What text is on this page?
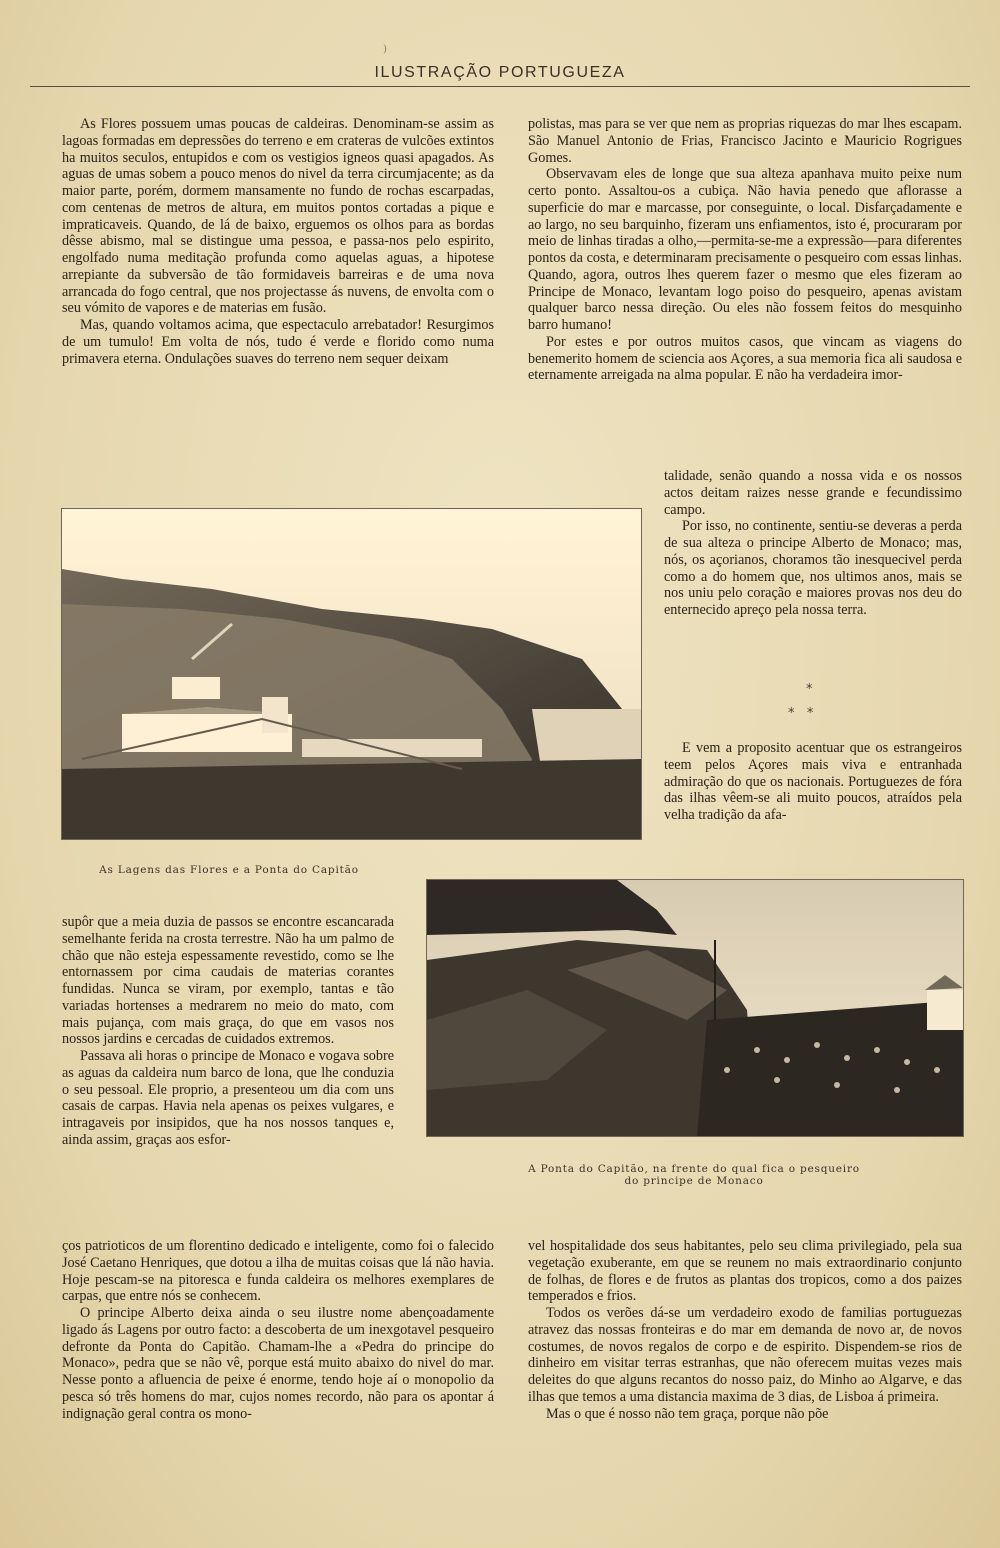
)
ILUSTRAÇÃO PORTUGUEZA

As Flores possuem umas poucas de caldeiras. Denominam-se assim as lagoas formadas em depressões do terreno e em crateras de vulcões extintos ha muitos seculos, entupidos e com os vestigios igneos quasi apagados. As aguas de umas sobem a pouco menos do nivel da terra circumjacente; as da maior parte, porém, dormem mansamente no fundo de rochas escarpadas, com centenas de metros de altura, em muitos pontos cortadas a pique e impraticaveis. Quando, de lá de baixo, erguemos os olhos para as bordas dêsse abismo, mal se distingue uma pessoa, e passa-nos pelo espirito, engolfado numa meditação profunda como aquelas aguas, a hipotese arrepiante da subversão de tão formidaveis barreiras e de uma nova arrancada do fogo central, que nos projectasse ás nuvens, de envolta com o seu vómito de vapores e de materias em fusão.

Mas, quando voltamos acima, que espectaculo arrebatador! Resurgimos de um tumulo! Em volta de nós, tudo é verde e florido como numa primavera eterna. Ondulações suaves do terreno nem sequer deixam

polistas, mas para se ver que nem as proprias riquezas do mar lhes escapam. São Manuel Antonio de Frias, Francisco Jacinto e Mauricio Rogrigues Gomes.

Observavam eles de longe que sua alteza apanhava muito peixe num certo ponto. Assaltou-os a cubiça. Não havia penedo que aflorasse a superficie do mar e marcasse, por conseguinte, o local. Disfarçadamente e ao largo, no seu barquinho, fizeram uns enfiamentos, isto é, procuraram por meio de linhas tiradas a olho,—permita-se-me a expressão—para diferentes pontos da costa, e determinaram precisamente o pesqueiro com essas linhas. Quando, agora, outros lhes querem fazer o mesmo que eles fizeram ao Principe de Monaco, levantam logo poiso do pesqueiro, apenas avistam qualquer barco nessa direção. Ou eles não fossem feitos do mesquinho barro humano!

Por estes e por outros muitos casos, que vincam as viagens do benemerito homem de sciencia aos Açores, a sua memoria fica ali saudosa e eternamente arreigada na alma popular. E não ha verdadeira imor-

talidade, senão quando a nossa vida e os nossos actos deitam raizes nesse grande e fecundissimo campo.

Por isso, no continente, sentiu-se deveras a perda de sua alteza o principe Alberto de Monaco; mas, nós, os açorianos, choramos tão inesquecivel perda como a do homem que, nos ultimos anos, mais se nos uniu pelo coração e maiores provas nos deu do enternecido apreço pela nossa terra.

*
*   *

E vem a proposito acentuar que os estrangeiros teem pelos Açores mais viva e entranhada admiração do que os nacionais. Portuguezes de fóra das ilhas vêem-se ali muito poucos, atraídos pela velha tradição da afa-

As Lagens das Flores e a Ponta do Capitão

supôr que a meia duzia de passos se encontre escancarada semelhante ferida na crosta terrestre. Não ha um palmo de chão que não esteja espessamente revestido, como se lhe entornassem por cima caudais de materias corantes fundidas. Nunca se viram, por exemplo, tantas e tão variadas hortenses a medrarem no meio do mato, com mais pujança, com mais graça, do que em vasos nos nossos jardins e cercadas de cuidados extremos.

Passava ali horas o principe de Monaco e vogava sobre as aguas da caldeira num barco de lona, que lhe conduzia o seu pessoal. Ele proprio, a presenteou um dia com uns casais de carpas. Havia nela apenas os peixes vulgares, e intragaveis por insipidos, que ha nos nossos tanques e, ainda assim, graças aos esfor-

A Ponta do Capitão, na frente do qual fica o pesqueiro
do principe de Monaco

ços patrioticos de um florentino dedicado e inteligente, como foi o falecido José Caetano Henriques, que dotou a ilha de muitas coisas que lá não havia. Hoje pescam-se na pitoresca e funda caldeira os melhores exemplares de carpas, que entre nós se conhecem.

O principe Alberto deixa ainda o seu ilustre nome abençoadamente ligado ás Lagens por outro facto: a descoberta de um inexgotavel pesqueiro defronte da Ponta do Capitão. Chamam-lhe a «Pedra do principe do Monaco», pedra que se não vê, porque está muito abaixo do nivel do mar. Nesse ponto a afluencia de peixe é enorme, tendo hoje aí o monopolio da pesca só três homens do mar, cujos nomes recordo, não para os apontar á indignação geral contra os mono-

vel hospitalidade dos seus habitantes, pelo seu clima privilegiado, pela sua vegetação exuberante, em que se reunem no mais extraordinario conjunto de folhas, de flores e de frutos as plantas dos tropicos, como a dos paizes temperados e frios.

Todos os verões dá-se um verdadeiro exodo de familias portuguezas atravez das nossas fronteiras e do mar em demanda de novo ar, de novos costumes, de novos regalos de corpo e de espirito. Dispendem-se rios de dinheiro em visitar terras estranhas, que não oferecem muitas vezes mais deleites do que alguns recantos do nosso paiz, do Minho ao Algarve, e das ilhas que temos a uma distancia maxima de 3 dias, de Lisboa á primeira.

Mas o que é nosso não tem graça, porque não põe
